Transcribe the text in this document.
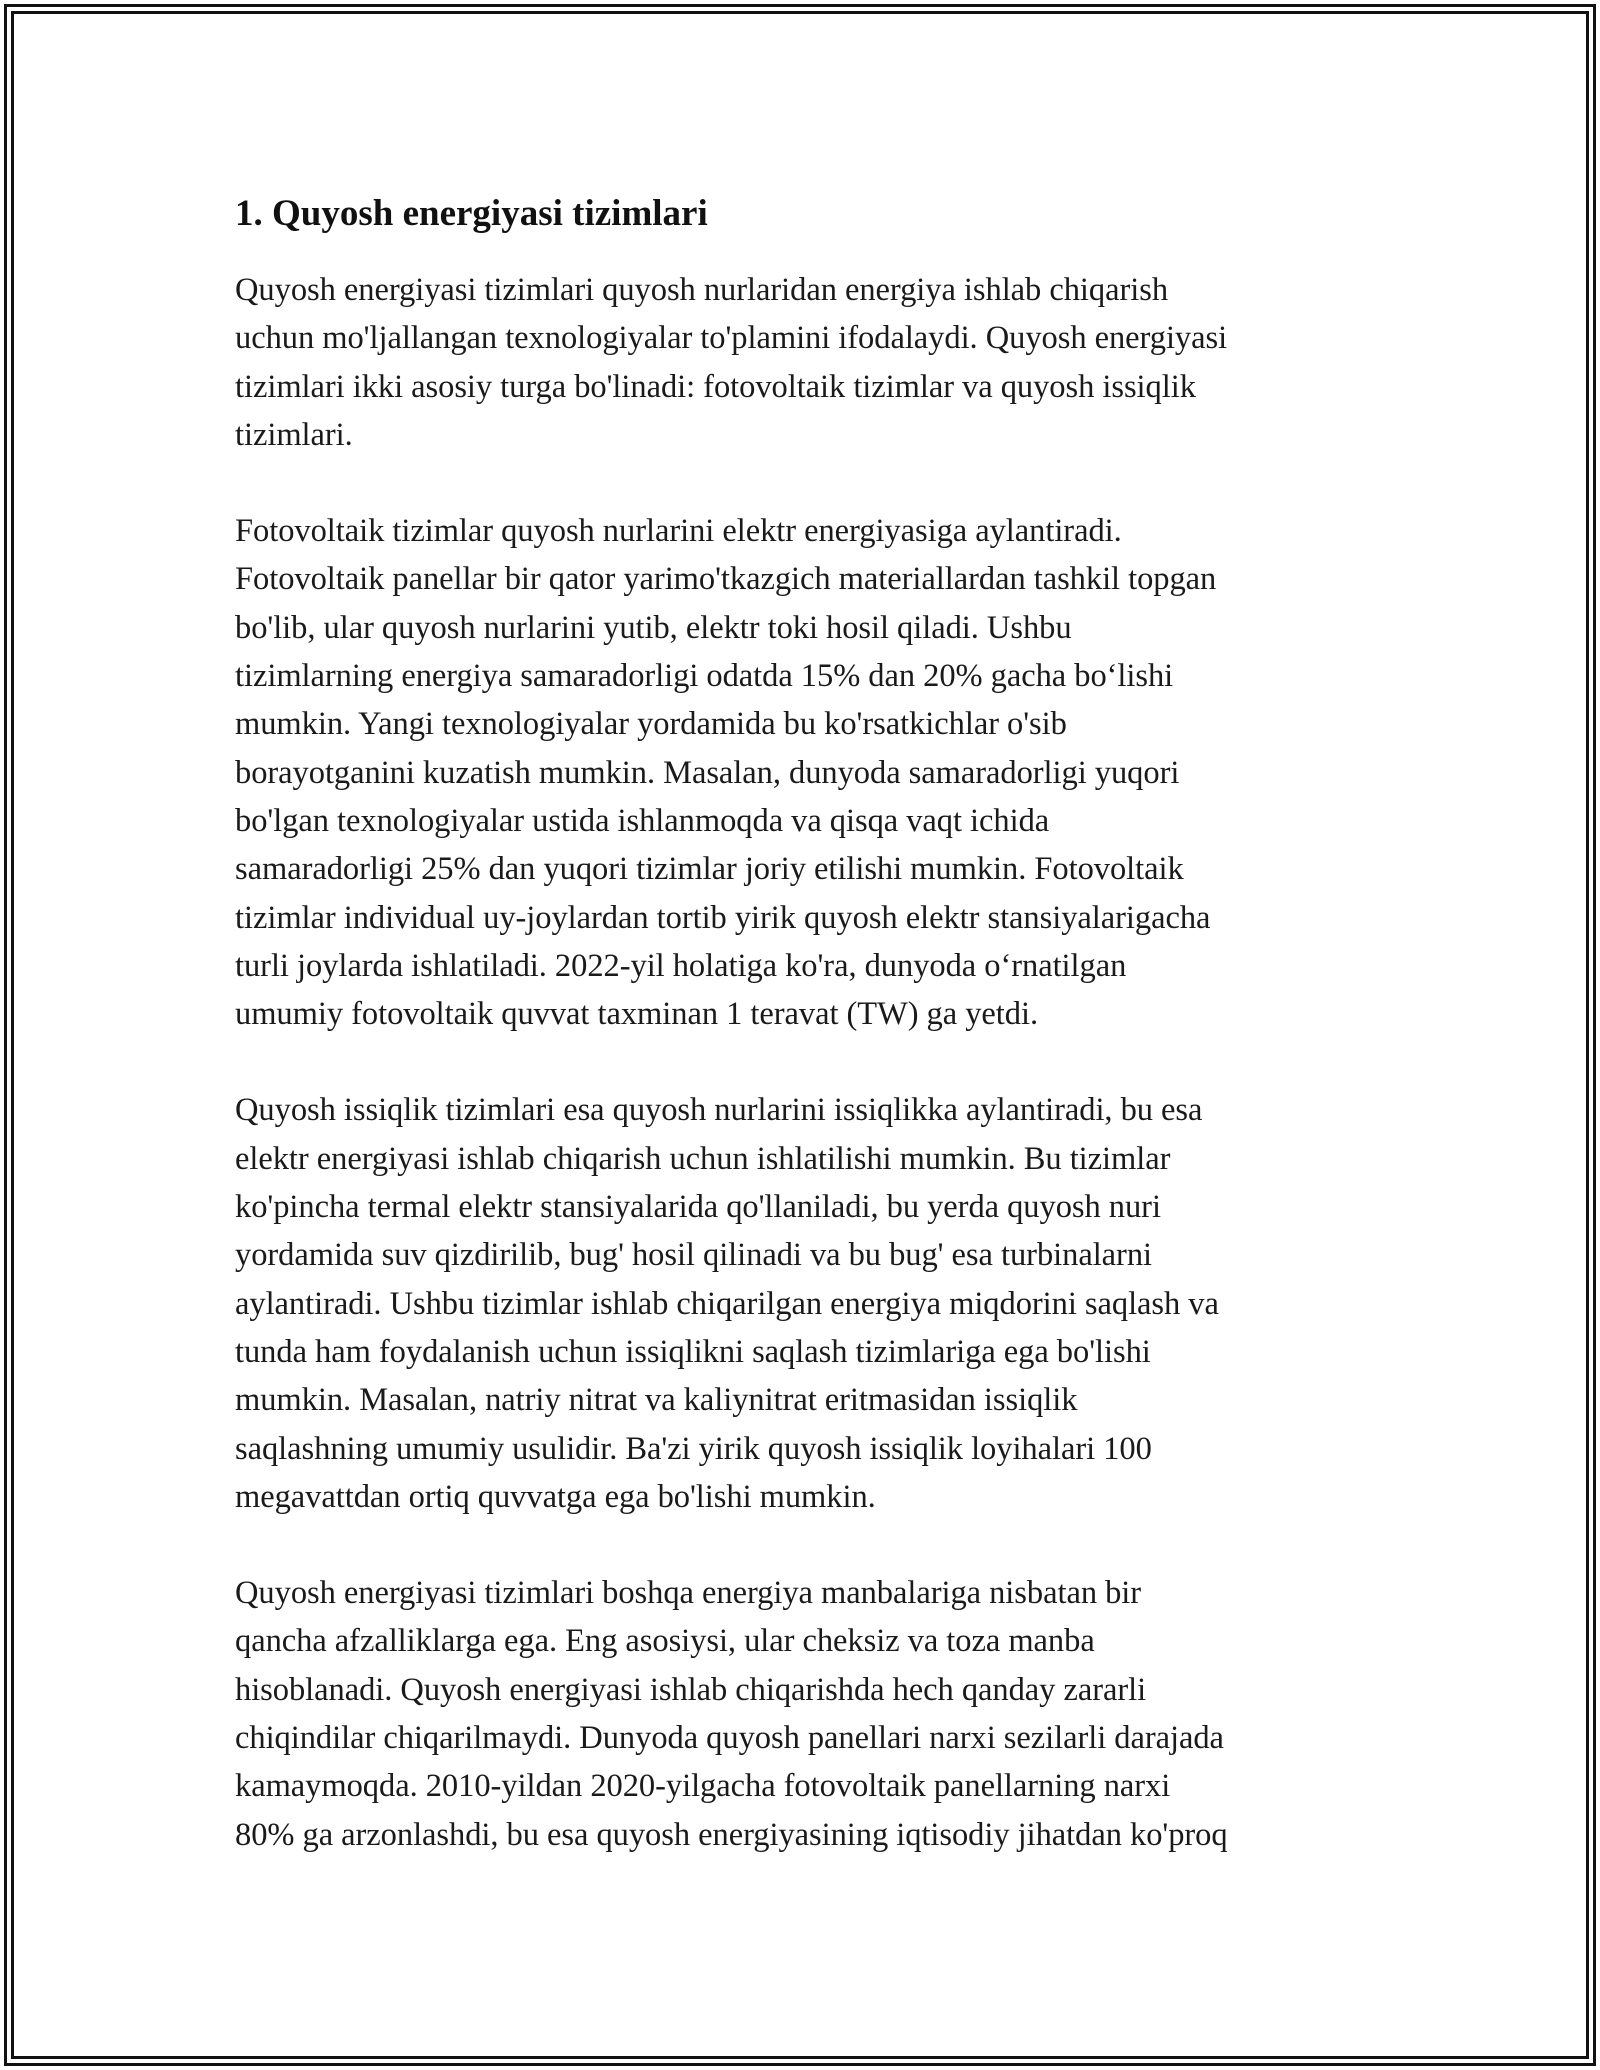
1. Quyosh energiyasi tizimlari

Quyosh energiyasi tizimlari quyosh nurlaridan energiya ishlab chiqarish
uchun mo'ljallangan texnologiyalar to'plamini ifodalaydi. Quyosh energiyasi
tizimlari ikki asosiy turga bo'linadi: fotovoltaik tizimlar va quyosh issiqlik
tizimlari.

Fotovoltaik tizimlar quyosh nurlarini elektr energiyasiga aylantiradi.
Fotovoltaik panellar bir qator yarimo'tkazgich materiallardan tashkil topgan
bo'lib, ular quyosh nurlarini yutib, elektr toki hosil qiladi. Ushbu
tizimlarning energiya samaradorligi odatda 15% dan 20% gacha bo‘lishi
mumkin. Yangi texnologiyalar yordamida bu ko'rsatkichlar o'sib
borayotganini kuzatish mumkin. Masalan, dunyoda samaradorligi yuqori
bo'lgan texnologiyalar ustida ishlanmoqda va qisqa vaqt ichida
samaradorligi 25% dan yuqori tizimlar joriy etilishi mumkin. Fotovoltaik
tizimlar individual uy-joylardan tortib yirik quyosh elektr stansiyalarigacha
turli joylarda ishlatiladi. 2022-yil holatiga ko'ra, dunyoda o‘rnatilgan
umumiy fotovoltaik quvvat taxminan 1 teravat (TW) ga yetdi.

Quyosh issiqlik tizimlari esa quyosh nurlarini issiqlikka aylantiradi, bu esa
elektr energiyasi ishlab chiqarish uchun ishlatilishi mumkin. Bu tizimlar
ko'pincha termal elektr stansiyalarida qo'llaniladi, bu yerda quyosh nuri
yordamida suv qizdirilib, bug' hosil qilinadi va bu bug' esa turbinalarni
aylantiradi. Ushbu tizimlar ishlab chiqarilgan energiya miqdorini saqlash va
tunda ham foydalanish uchun issiqlikni saqlash tizimlariga ega bo'lishi
mumkin. Masalan, natriy nitrat va kaliynitrat eritmasidan issiqlik
saqlashning umumiy usulidir. Ba'zi yirik quyosh issiqlik loyihalari 100
megavattdan ortiq quvvatga ega bo'lishi mumkin.

Quyosh energiyasi tizimlari boshqa energiya manbalariga nisbatan bir
qancha afzalliklarga ega. Eng asosiysi, ular cheksiz va toza manba
hisoblanadi. Quyosh energiyasi ishlab chiqarishda hech qanday zararli
chiqindilar chiqarilmaydi. Dunyoda quyosh panellari narxi sezilarli darajada
kamaymoqda. 2010-yildan 2020-yilgacha fotovoltaik panellarning narxi
80% ga arzonlashdi, bu esa quyosh energiyasining iqtisodiy jihatdan ko'proq
